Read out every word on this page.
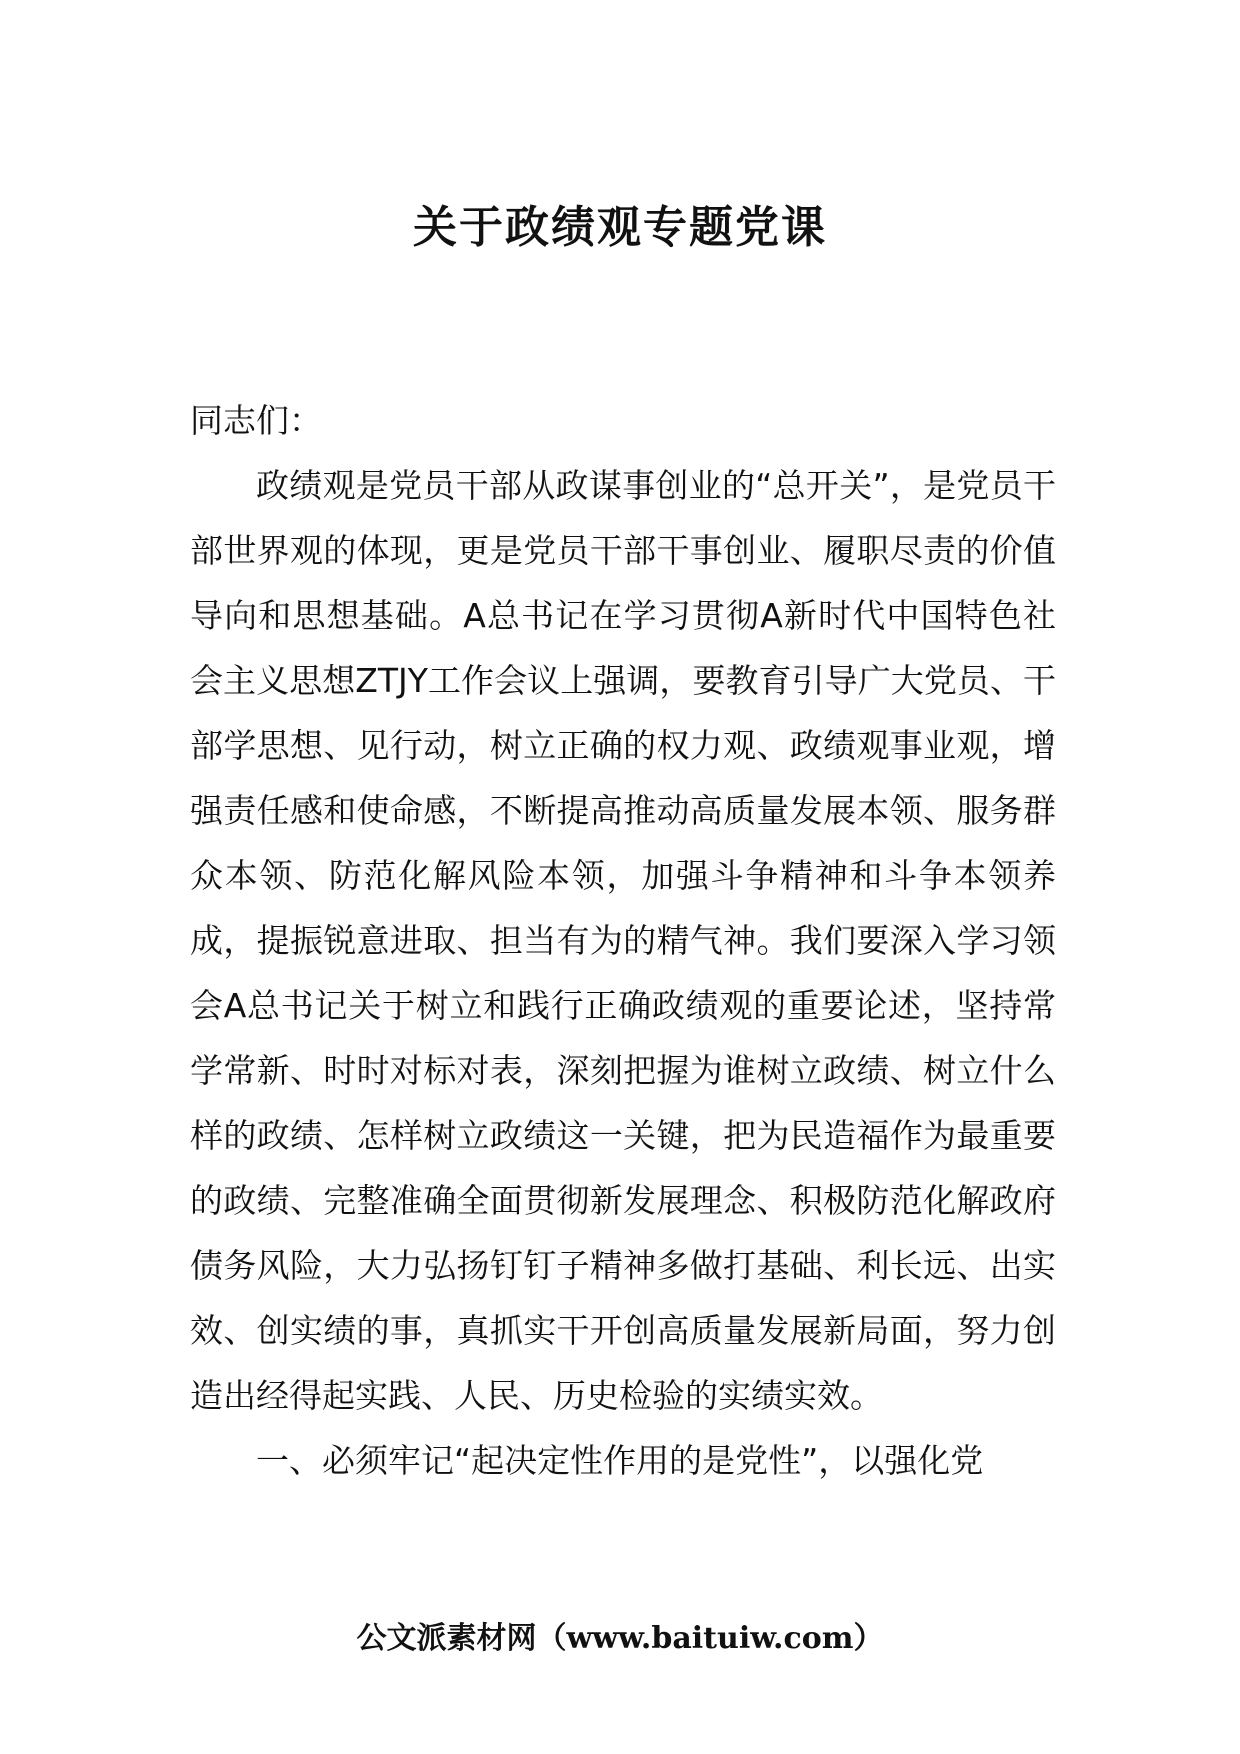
关于政绩观专题党课

同志们：

政绩观是党员干部从政谋事创业的“总开关”，是党员干部世界观的体现，更是党员干部干事创业、履职尽责的价值导向和思想基础。A总书记在学习贯彻A新时代中国特色社会主义思想ZTJY工作会议上强调，要教育引导广大党员、干部学思想、见行动，树立正确的权力观、政绩观事业观，增强责任感和使命感，不断提高推动高质量发展本领、服务群众本领、防范化解风险本领，加强斗争精神和斗争本领养成，提振锐意进取、担当有为的精气神。我们要深入学习领会A总书记关于树立和践行正确政绩观的重要论述，坚持常学常新、时时对标对表，深刻把握为谁树立政绩、树立什么样的政绩、怎样树立政绩这一关键，把为民造福作为最重要的政绩、完整准确全面贯彻新发展理念、积极防范化解政府债务风险，大力弘扬钉钉子精神多做打基础、利长远、出实效、创实绩的事，真抓实干开创高质量发展新局面，努力创造出经得起实践、人民、历史检验的实绩实效。

一、必须牢记“起决定性作用的是党性”，以强化党

公文派素材网（www.baituiw.com）
